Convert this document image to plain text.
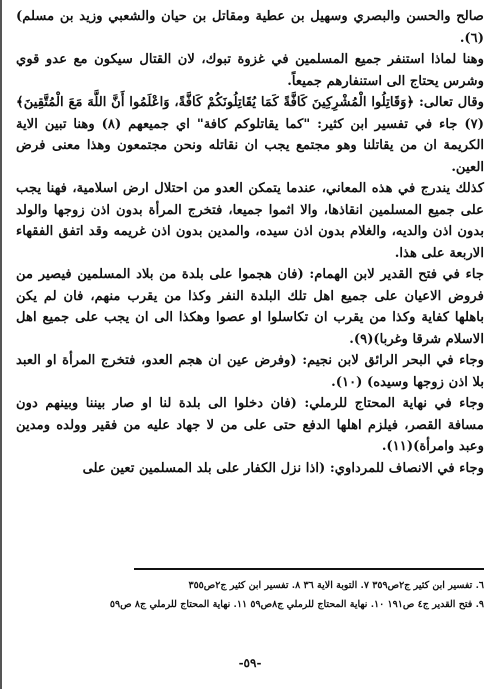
صالح والحسن والبصري وسهيل بن عطية ومقاتل بن حيان والشعبي وزيد بن مسلم)(٦).

وهنا لماذا استنفر جميع المسلمين في غزوة تبوك، لان القتال سيكون مع عدو قوي وشرس يحتاج الى استنفارهم جميعاً.

وقال تعالى: ﴿وَقَاتِلُوا الْمُشْرِكِينَ كَافَّةً كَمَا يُقَاتِلُونَكُمْ كَافَّةً، وَاعْلَمُوا أَنَّ اللَّهَ مَعَ الْمُتَّقِينَ﴾ (٧) جاء في تفسير ابن كثير: "كما يقاتلوكم كافة" اي جميعهم (٨) وهنا تبين الاية الكريمة ان من يقاتلنا وهو مجتمع يجب ان نقاتله ونحن مجتمعون وهذا معنى فرض العين.

كذلك يندرج في هذه المعاني، عندما يتمكن العدو من احتلال ارض اسلامية، فهنا يجب على جميع المسلمين انقاذها، والا اثموا جميعا، فتخرج المرأة بدون اذن زوجها والولد بدون اذن والديه، والغلام بدون اذن سيده، والمدين بدون اذن غريمه وقد اتفق الفقهاء الاربعة على هذا.

جاء في فتح القدير لابن الهمام: (فان هجموا على بلدة من بلاد المسلمين فيصير من فروض الاعيان على جميع اهل تلك البلدة النفر وكذا من يقرب منهم، فان لم يكن باهلها كفاية وكذا من يقرب ان تكاسلوا او عصوا وهكذا الى ان يجب على جميع اهل الاسلام شرقا وغربا)(٩).

وجاء في البحر الرائق لابن نجيم: (وفرض عين ان هجم العدو، فتخرج المرأة او العبد بلا اذن زوجها وسيده) (١٠).

وجاء في نهاية المحتاج للرملي: (فان دخلوا الى بلدة لنا او صار بيننا وبينهم دون مسافة القصر، فيلزم اهلها الدفع حتى على من لا جهاد عليه من فقير وولده ومدين وعبد وامرأة)(١١).

وجاء في الانصاف للمرداوي: (اذا نزل الكفار على بلد المسلمين تعين على

٦. تفسير ابن كثير ج٢ص٣٥٩ ٧. التوبة الاية ٣٦ ٨. تفسير ابن كثير ج٢ص٣٥٥
٩. فتح القدير ج٤ ص١٩١ ١٠. نهاية المحتاج للرملي ج٨ص٥٩ ١١. نهاية المحتاج للرملي ج٨ ص٥٩
-٥٩-
